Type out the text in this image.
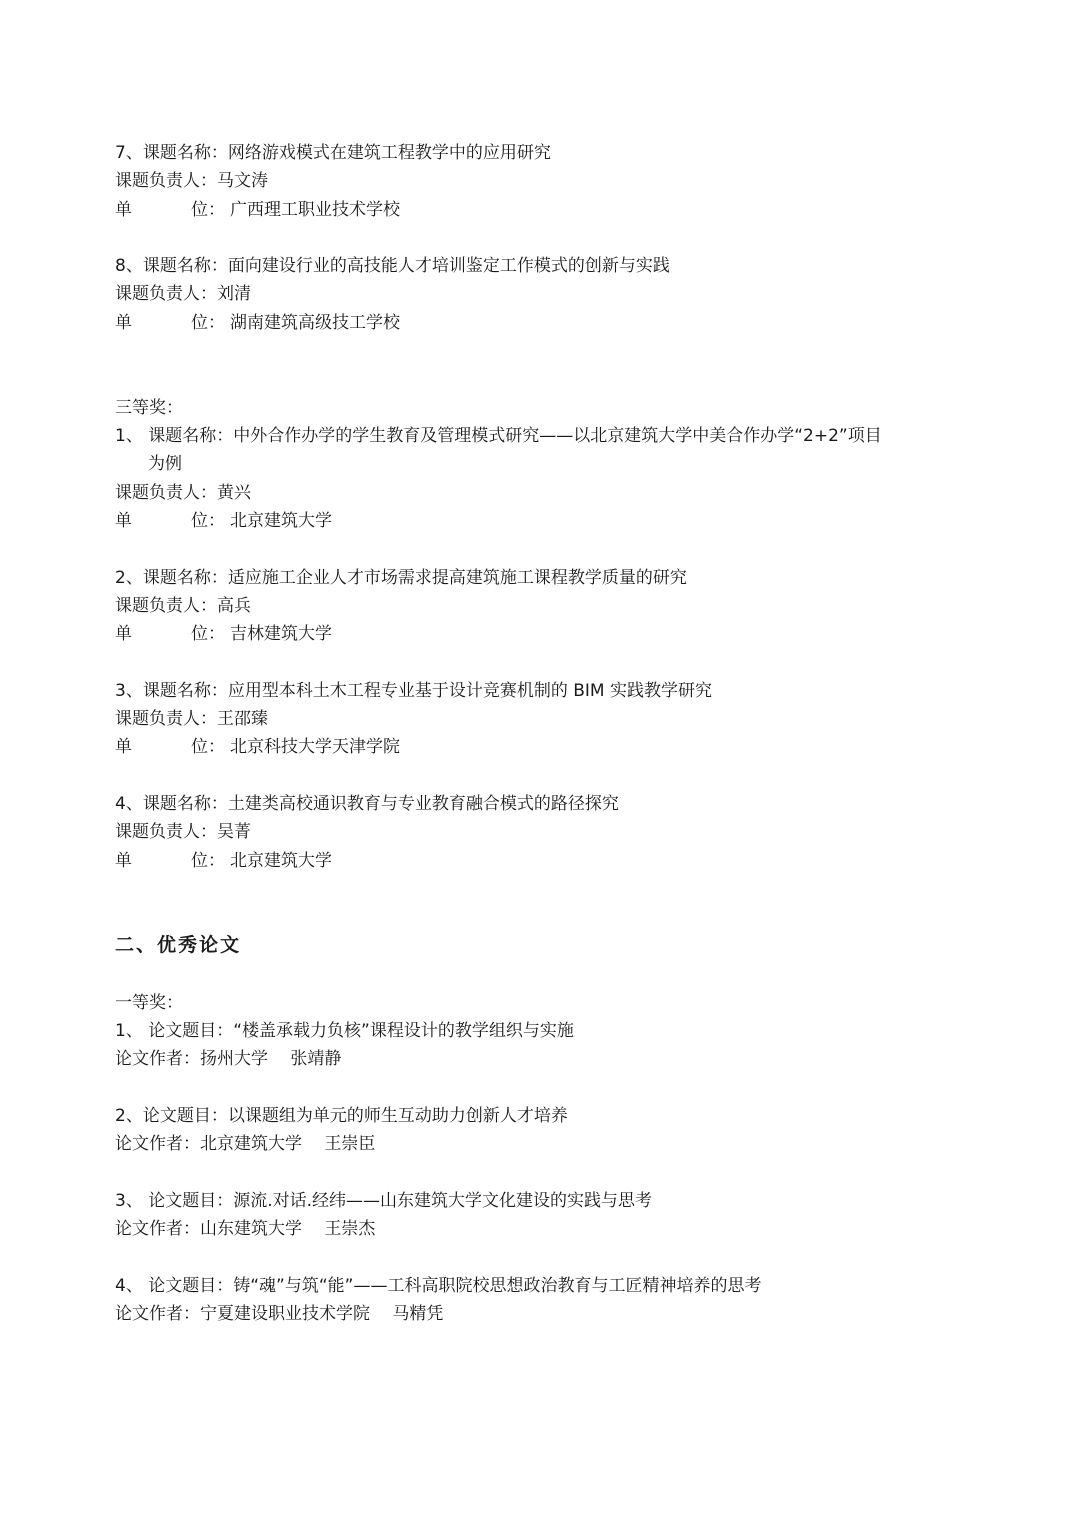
7、课题名称：网络游戏模式在建筑工程教学中的应用研究
课题负责人：马文涛
单	位： 广西理工职业技术学校
8、课题名称：面向建设行业的高技能人才培训鉴定工作模式的创新与实践
课题负责人：刘清
单	位： 湖南建筑高级技工学校
三等奖：
1、 课题名称：中外合作办学的学生教育及管理模式研究——以北京建筑大学中美合作办学“2+2”项目
为例
课题负责人：黄兴
单	位： 北京建筑大学
2、课题名称：适应施工企业人才市场需求提高建筑施工课程教学质量的研究
课题负责人：高兵
单	位： 吉林建筑大学
3、课题名称：应用型本科土木工程专业基于设计竞赛机制的 BIM 实践教学研究
课题负责人：王邵臻
单	位： 北京科技大学天津学院
4、课题名称：土建类高校通识教育与专业教育融合模式的路径探究
课题负责人：吴菁
单	位： 北京建筑大学
二、优秀论文
一等奖：
1、 论文题目：“楼盖承载力负核”课程设计的教学组织与实施
论文作者：扬州大学　 张靖静
2、论文题目：以课题组为单元的师生互动助力创新人才培养
论文作者：北京建筑大学　 王崇臣
3、 论文题目：源流.对话.经纬——山东建筑大学文化建设的实践与思考
论文作者：山东建筑大学　 王崇杰
4、 论文题目：铸“魂”与筑“能”——工科高职院校思想政治教育与工匠精神培养的思考
论文作者：宁夏建设职业技术学院　 马精凭
